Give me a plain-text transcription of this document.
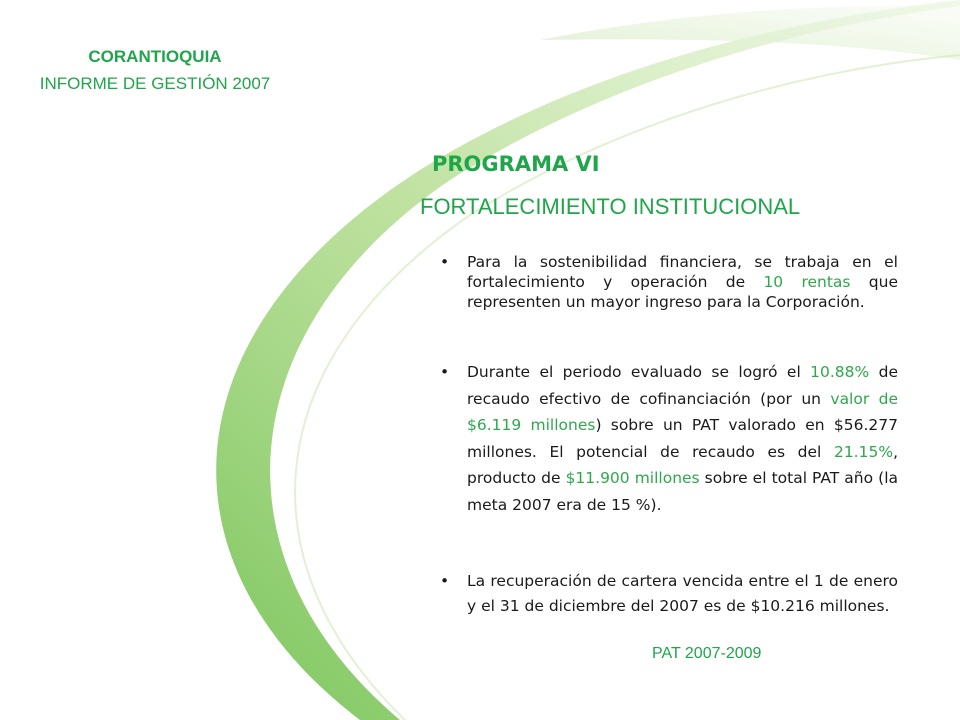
CORANTIOQUIA
INFORME DE GESTIÓN 2007
PROGRAMA VI
FORTALECIMIENTO INSTITUCIONAL
• Para la sostenibilidad financiera, se trabaja en el fortalecimiento y operación de 10 rentas que representen un mayor ingreso para la Corporación.
• Durante el periodo evaluado se logró el 10.88% de recaudo efectivo de cofinanciación (por un valor de $6.119 millones) sobre un PAT valorado en $56.277 millones. El potencial de recaudo es del 21.15%, producto de $11.900 millones sobre el total PAT año (la meta 2007 era de 15 %).
• La recuperación de cartera vencida entre el 1 de enero y el 31 de diciembre del 2007 es de $10.216 millones.
PAT 2007-2009
